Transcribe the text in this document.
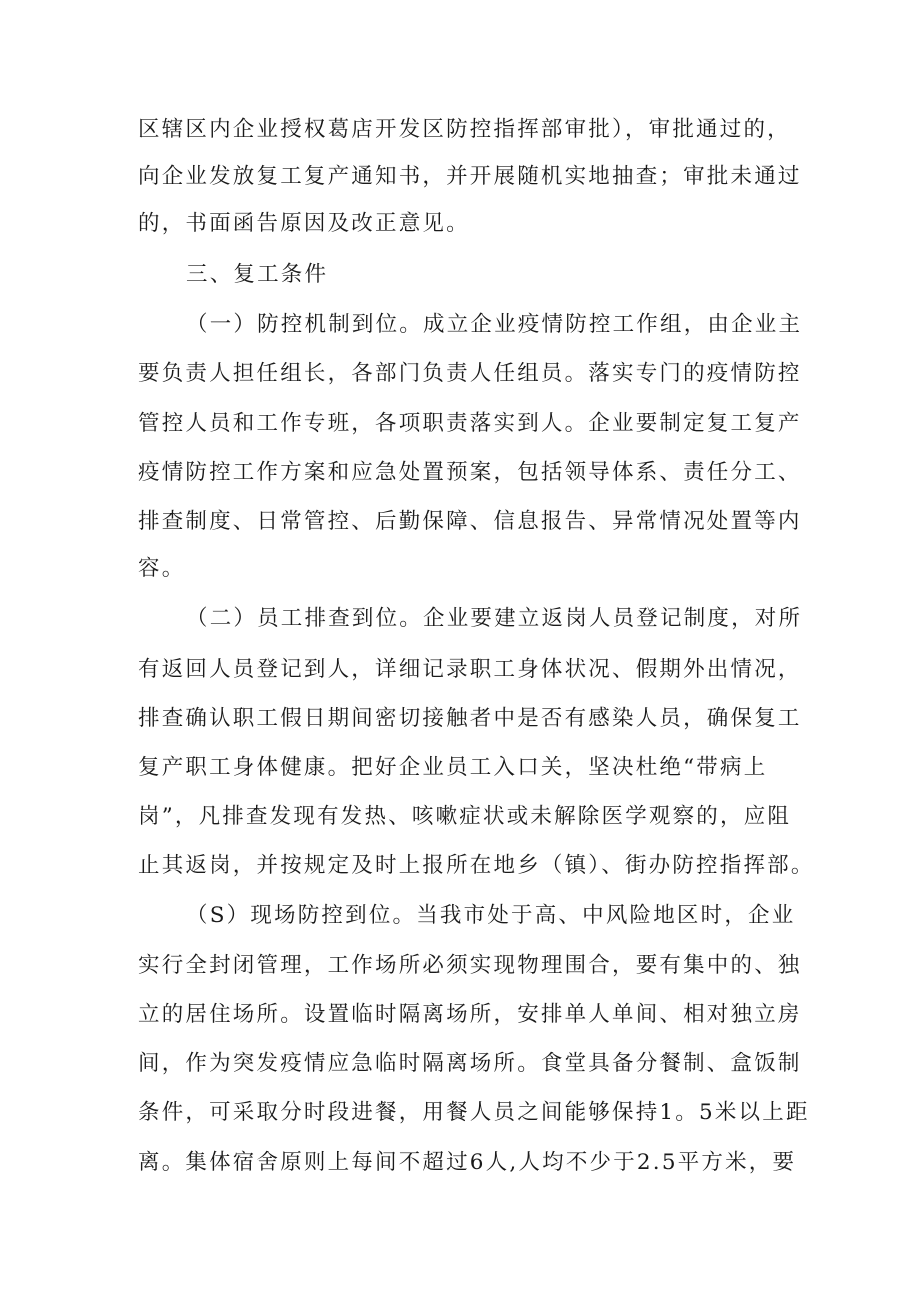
区辖区内企业授权葛店开发区防控指挥部审批），审批通过的，
向企业发放复工复产通知书，并开展随机实地抽查；审批未通过
的，书面函告原因及改正意见。
三、复工条件
（一）防控机制到位。成立企业疫情防控工作组，由企业主
要负责人担任组长，各部门负责人任组员。落实专门的疫情防控
管控人员和工作专班，各项职责落实到人。企业要制定复工复产
疫情防控工作方案和应急处置预案，包括领导体系、责任分工、
排查制度、日常管控、后勤保障、信息报告、异常情况处置等内
容。
（二）员工排查到位。企业要建立返岗人员登记制度，对所
有返回人员登记到人，详细记录职工身体状况、假期外出情况，
排查确认职工假日期间密切接触者中是否有感染人员，确保复工
复产职工身体健康。把好企业员工入口关，坚决杜绝“带病上
岗”，凡排查发现有发热、咳嗽症状或未解除医学观察的，应阻
止其返岗，并按规定及时上报所在地乡（镇）、街办防控指挥部。
（S）现场防控到位。当我市处于高、中风险地区时，企业
实行全封闭管理，工作场所必须实现物理围合，要有集中的、独
立的居住场所。设置临时隔离场所，安排单人单间、相对独立房
间，作为突发疫情应急临时隔离场所。食堂具备分餐制、盒饭制
条件，可采取分时段进餐，用餐人员之间能够保持1。5米以上距
离。集体宿舍原则上每间不超过6人,人均不少于2.5平方米，要
